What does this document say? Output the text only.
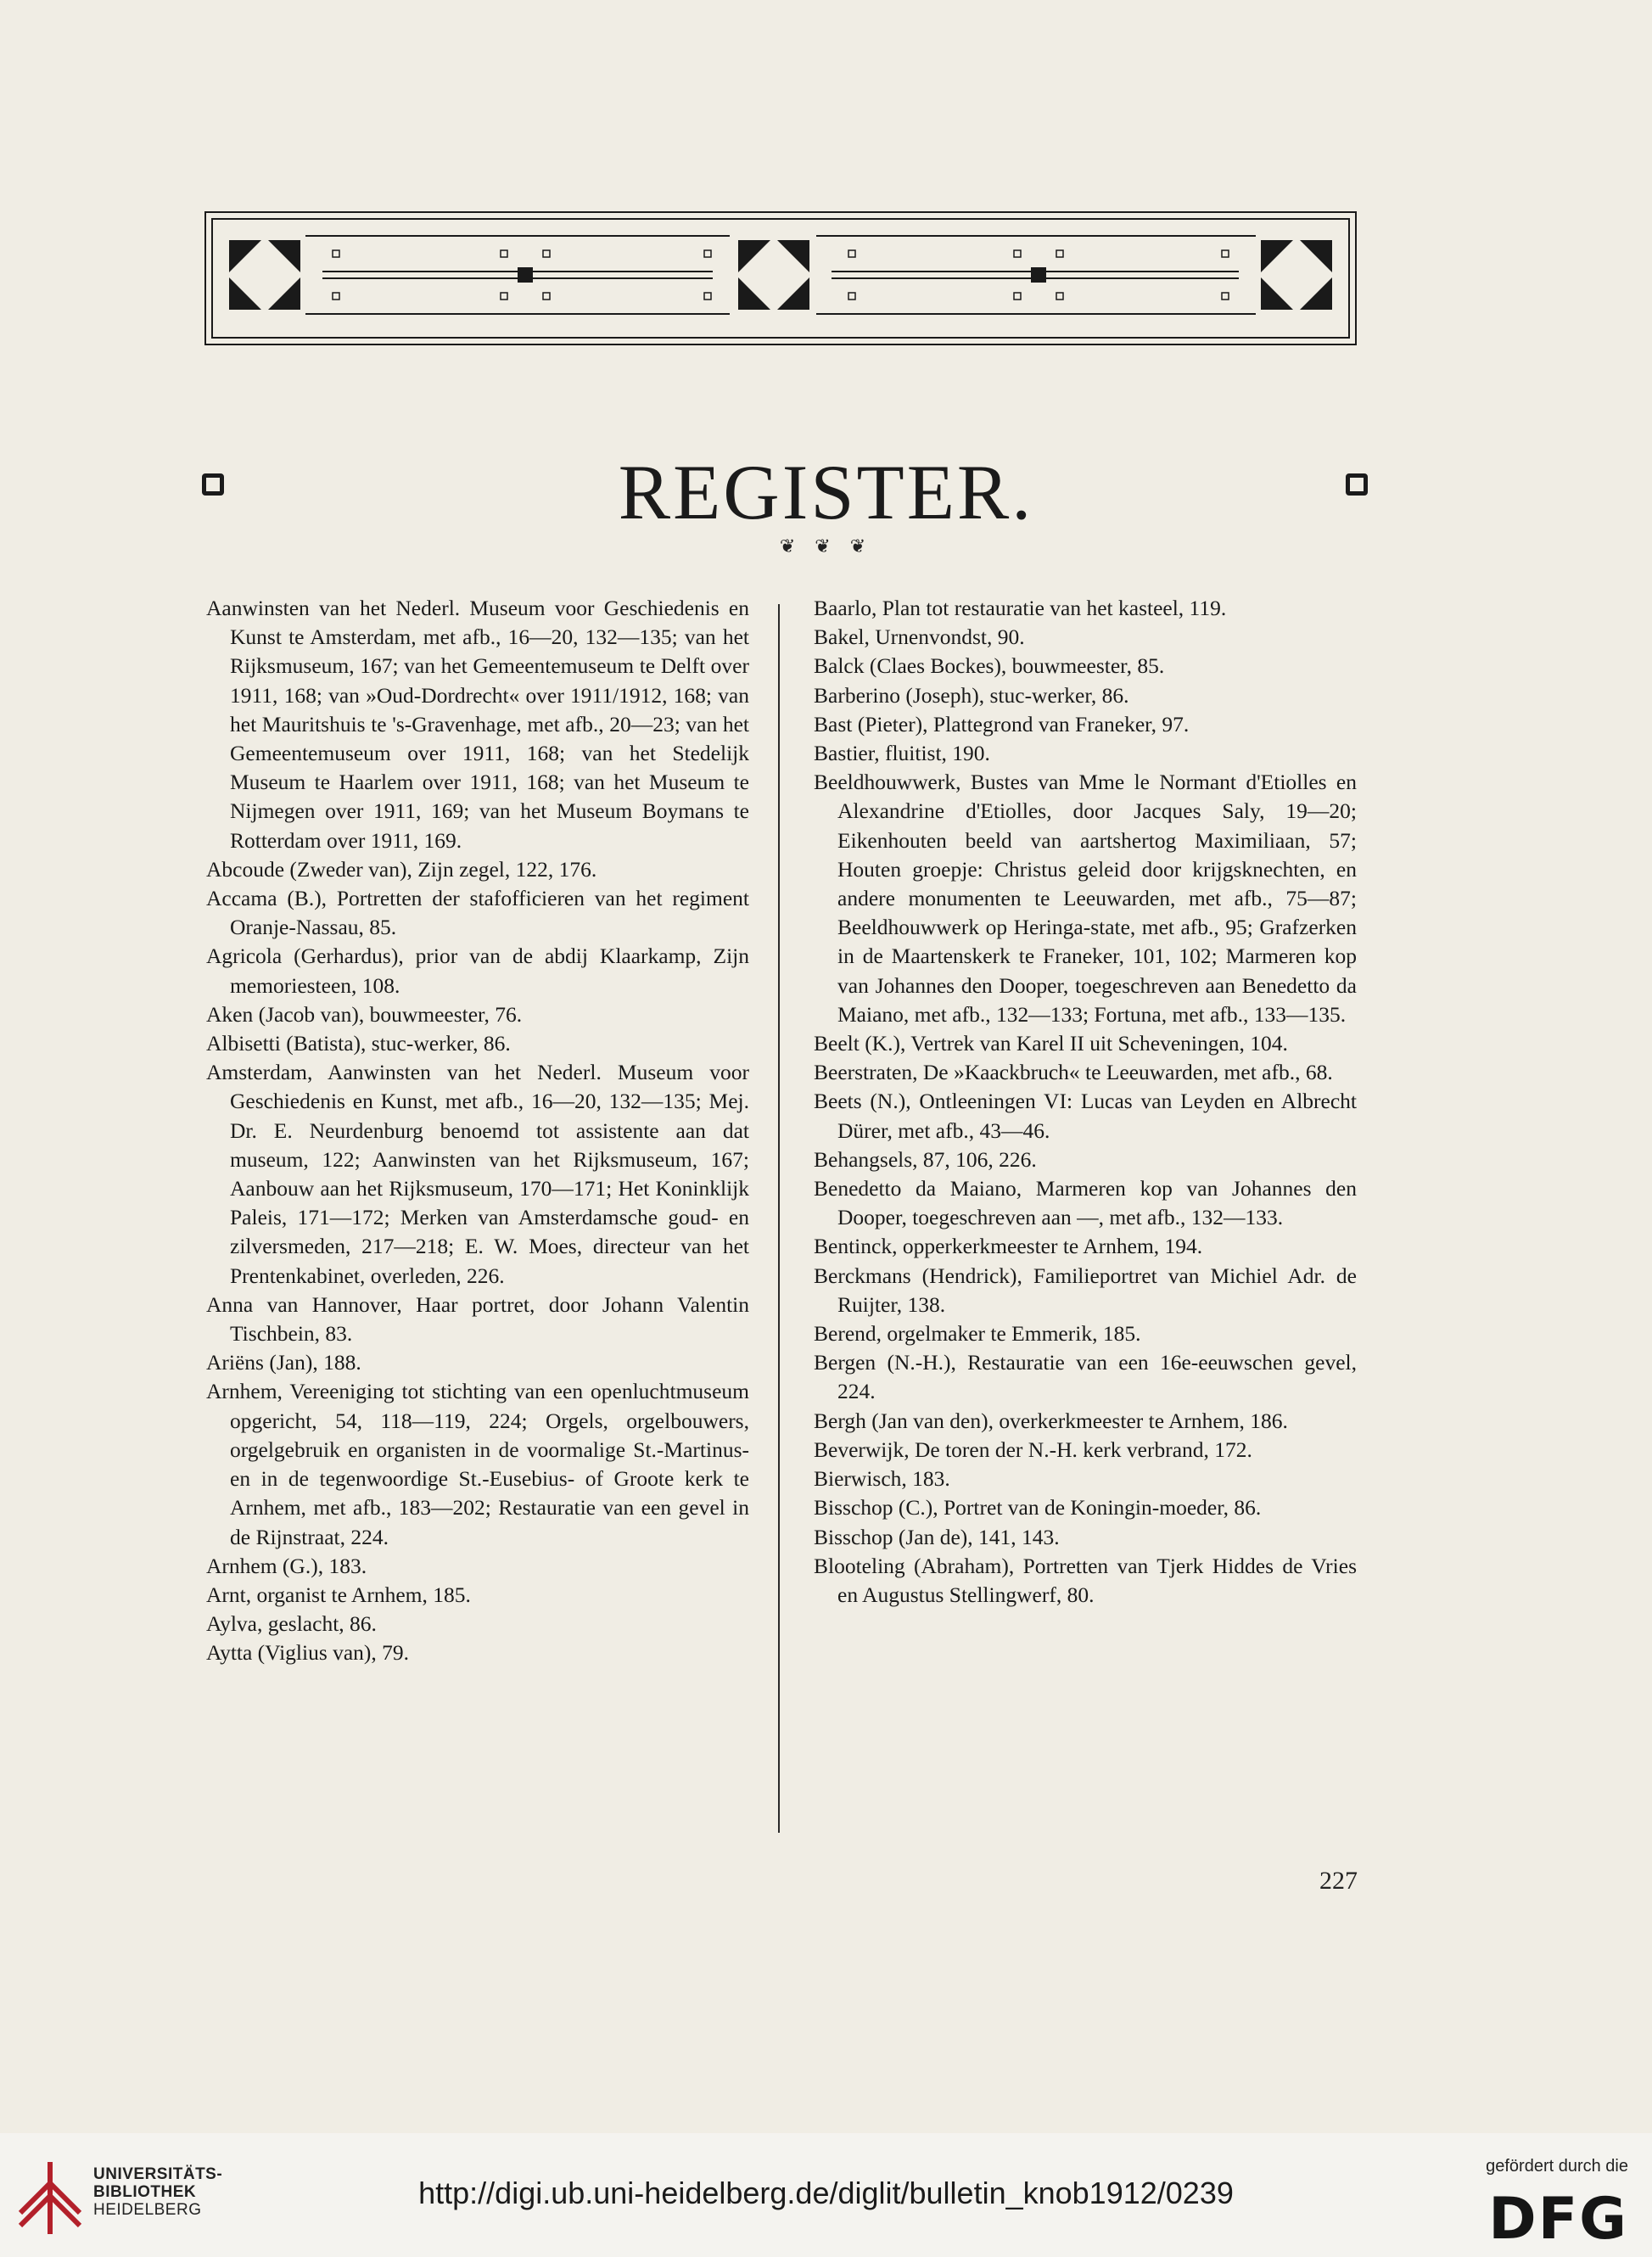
REGISTER.
❦ ❦ ❦

Aanwinsten van het Nederl. Museum voor Geschiedenis en Kunst te Amsterdam, met afb., 16—20, 132—135; van het Rijksmuseum, 167; van het Gemeentemuseum te Delft over 1911, 168; van »Oud-Dordrecht« over 1911/1912, 168; van het Mauritshuis te 's-Gravenhage, met afb., 20—23; van het Gemeentemuseum over 1911, 168; van het Stedelijk Museum te Haarlem over 1911, 168; van het Museum te Nijmegen over 1911, 169; van het Museum Boymans te Rotterdam over 1911, 169.

Abcoude (Zweder van), Zijn zegel, 122, 176.

Accama (B.), Portretten der stafofficieren van het regiment Oranje-Nassau, 85.

Agricola (Gerhardus), prior van de abdij Klaarkamp, Zijn memoriesteen, 108.

Aken (Jacob van), bouwmeester, 76.

Albisetti (Batista), stuc-werker, 86.

Amsterdam, Aanwinsten van het Nederl. Museum voor Geschiedenis en Kunst, met afb., 16—20, 132—135; Mej. Dr. E. Neurdenburg benoemd tot assistente aan dat museum, 122; Aanwinsten van het Rijksmuseum, 167; Aanbouw aan het Rijksmuseum, 170—171; Het Koninklijk Paleis, 171—172; Merken van Amsterdamsche goud- en zilversmeden, 217—218; E. W. Moes, directeur van het Prentenkabinet, overleden, 226.

Anna van Hannover, Haar portret, door Johann Valentin Tischbein, 83.

Ariëns (Jan), 188.

Arnhem, Vereeniging tot stichting van een openluchtmuseum opgericht, 54, 118—119, 224; Orgels, orgelbouwers, orgelgebruik en organisten in de voormalige St.-Martinus- en in de tegenwoordige St.-Eusebius- of Groote kerk te Arnhem, met afb., 183—202; Restauratie van een gevel in de Rijnstraat, 224.

Arnhem (G.), 183.

Arnt, organist te Arnhem, 185.

Aylva, geslacht, 86.

Aytta (Viglius van), 79.

Baarlo, Plan tot restauratie van het kasteel, 119.

Bakel, Urnenvondst, 90.

Balck (Claes Bockes), bouwmeester, 85.

Barberino (Joseph), stuc-werker, 86.

Bast (Pieter), Plattegrond van Franeker, 97.

Bastier, fluitist, 190.

Beeldhouwwerk, Bustes van Mme le Normant d'Etiolles en Alexandrine d'Etiolles, door Jacques Saly, 19—20; Eikenhouten beeld van aartshertog Maximiliaan, 57; Houten groepje: Christus geleid door krijgsknechten, en andere monumenten te Leeuwarden, met afb., 75—87; Beeldhouwwerk op Heringa-state, met afb., 95; Grafzerken in de Maartenskerk te Franeker, 101, 102; Marmeren kop van Johannes den Dooper, toegeschreven aan Benedetto da Maiano, met afb., 132—133; Fortuna, met afb., 133—135.

Beelt (K.), Vertrek van Karel II uit Scheveningen, 104.

Beerstraten, De »Kaackbruch« te Leeuwarden, met afb., 68.

Beets (N.), Ontleeningen VI: Lucas van Leyden en Albrecht Dürer, met afb., 43—46.

Behangsels, 87, 106, 226.

Benedetto da Maiano, Marmeren kop van Johannes den Dooper, toegeschreven aan —, met afb., 132—133.

Bentinck, opperkerkmeester te Arnhem, 194.

Berckmans (Hendrick), Familieportret van Michiel Adr. de Ruijter, 138.

Berend, orgelmaker te Emmerik, 185.

Bergen (N.-H.), Restauratie van een 16e-eeuwschen gevel, 224.

Bergh (Jan van den), overkerkmeester te Arnhem, 186.

Beverwijk, De toren der N.-H. kerk verbrand, 172.

Bierwisch, 183.

Bisschop (C.), Portret van de Koningin-moeder, 86.

Bisschop (Jan de), 141, 143.

Blooteling (Abraham), Portretten van Tjerk Hiddes de Vries en Augustus Stellingwerf, 80.

227
UNIVERSITÄTS-
BIBLIOTHEK
HEIDELBERG	http://digi.ub.uni-heidelberg.de/diglit/bulletin_knob1912/0239
gefördert durch die
DFG
